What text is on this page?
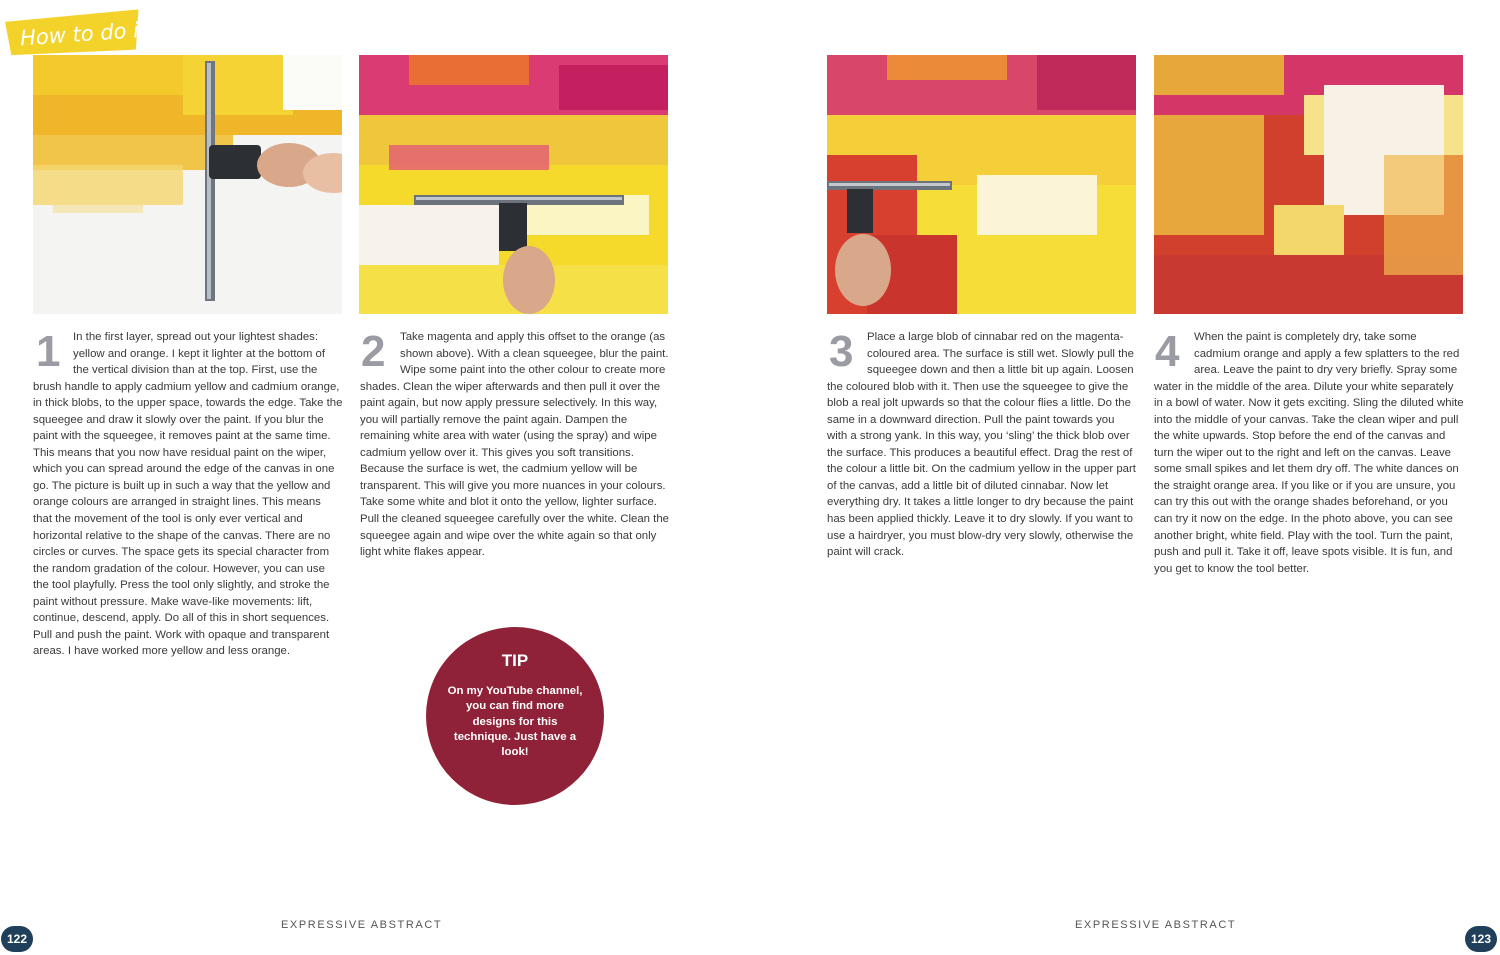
How to do it
1	In the first layer, spread out your lightest shades: yellow and orange. I kept it lighter at the bottom of the vertical division than at the top. First, use the brush handle to apply cadmium yellow and cadmium orange, in thick blobs, to the upper space, towards the edge. Take the squeegee and draw it slowly over the paint. If you blur the paint with the squeegee, it removes paint at the same time. This means that you now have residual paint on the wiper, which you can spread around the edge of the canvas in one go. The picture is built up in such a way that the yellow and orange colours are arranged in straight lines. This means that the movement of the tool is only ever vertical and horizontal relative to the shape of the canvas. There are no circles or curves. The space gets its special character from the random gradation of the colour. However, you can use the tool playfully. Press the tool only slightly, and stroke the paint without pressure. Make wave-like movements: lift, continue, descend, apply. Do all of this in short sequences. Pull and push the paint. Work with opaque and transparent areas. I have worked more yellow and less orange.
2	Take magenta and apply this offset to the orange (as shown above). With a clean squeegee, blur the paint. Wipe some paint into the other colour to create more shades. Clean the wiper afterwards and then pull it over the paint again, but now apply pressure selectively. In this way, you will partially remove the paint again. Dampen the remaining white area with water (using the spray) and wipe cadmium yellow over it. This gives you soft transitions. Because the surface is wet, the cadmium yellow will be transparent. This will give you more nuances in your colours. Take some white and blot it onto the yellow, lighter surface. Pull the cleaned squeegee carefully over the white. Clean the squeegee again and wipe over the white again so that only light white flakes appear.
TIP
On my YouTube channel, you can find more designs for this technique. Just have a look!
3	Place a large blob of cinnabar red on the magenta-coloured area. The surface is still wet. Slowly pull the squeegee down and then a little bit up again. Loosen the coloured blob with it. Then use the squeegee to give the blob a real jolt upwards so that the colour flies a little. Do the same in a downward direction. Pull the paint towards you with a strong yank. In this way, you ‘sling’ the thick blob over the surface. This produces a beautiful effect. Drag the rest of the colour a little bit. On the cadmium yellow in the upper part of the canvas, add a little bit of diluted cinnabar. Now let everything dry. It takes a little longer to dry because the paint has been applied thickly. Leave it to dry slowly. If you want to use a hairdryer, you must blow-dry very slowly, otherwise the paint will crack.
4	When the paint is completely dry, take some cadmium orange and apply a few splatters to the red area. Leave the paint to dry very briefly. Spray some water in the middle of the area. Dilute your white separately in a bowl of water. Now it gets exciting. Sling the diluted white into the middle of your canvas. Take the clean wiper and pull the white upwards. Stop before the end of the canvas and turn the wiper out to the right and left on the canvas. Leave some small spikes and let them dry off. The white dances on the straight orange area. If you like or if you are unsure, you can try this out with the orange shades beforehand, or you can try it now on the edge. In the photo above, you can see another bright, white field. Play with the tool. Turn the paint, push and pull it. Take it off, leave spots visible. It is fun, and you get to know the tool better.
122
EXPRESSIVE ABSTRACT	EXPRESSIVE ABSTRACT
123
